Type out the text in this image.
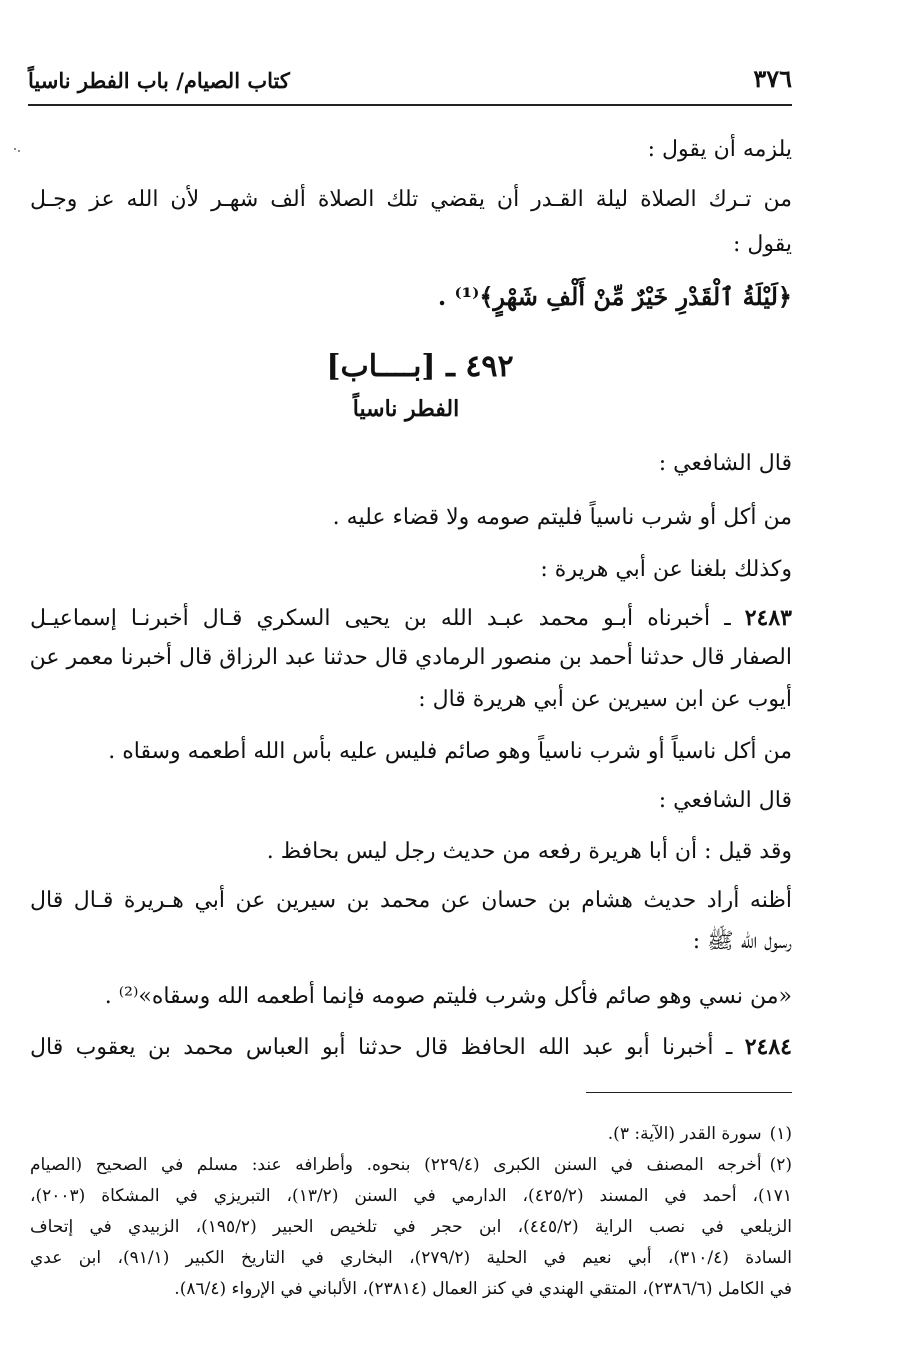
كتاب الصيام/ باب الفطر ناسياً	٣٧٦
يلزمه أن يقول :
من تـرك الصلاة ليلة القـدر أن يقضي تلك الصلاة ألف شهـر لأن الله عز وجـل
يقول :
﴿لَيْلَةُ ٱلْقَدْرِ خَيْرٌ مِّنْ أَلْفِ شَهْرٍ﴾⁽¹⁾ .
٤٩٢ ـ [بــــاب]
الفطر ناسياً
قال الشافعي :
من أكل أو شرب ناسياً فليتم صومه ولا قضاء عليه .
وكذلك بلغنا عن أبي هريرة :
٢٤٨٣ ـ أخبرناه أبـو محمد عبـد الله بن يحيى السكري قـال أخبرنـا إسماعيـل
الصفار قال حدثنا أحمد بن منصور الرمادي قال حدثنا عبد الرزاق قال أخبرنا معمر عن
أيوب عن ابن سيرين عن أبي هريرة قال :
من أكل ناسياً أو شرب ناسياً وهو صائم فليس عليه بأس الله أطعمه وسقاه .
قال الشافعي :
وقد قيل : أن أبا هريرة رفعه من حديث رجل ليس بحافظ .
أظنه أراد حديث هشام بن حسان عن محمد بن سيرين عن أبي هـريرة قـال قال
رسول الله ﷺ :
«من نسي وهو صائم فأكل وشرب فليتم صومه فإنما أطعمه الله وسقاه»⁽²⁾ .
٢٤٨٤ ـ أخبرنا أبو عبد الله الحافظ قال حدثنا أبو العباس محمد بن يعقوب قال
(١)سورة القدر (الآية: ٣).
(٢)أخرجه المصنف في السنن الكبرى (٢٢٩/٤) بنحوه. وأطرافه عند: مسلم في الصحيح (الصيام
١٧١)، أحمد في المسند (٤٢٥/٢)، الدارمي في السنن (١٣/٢)، التبريزي في المشكاة (٢٠٠٣)،
الزيلعي في نصب الراية (٤٤٥/٢)، ابن حجر في تلخيص الحبير (١٩٥/٢)، الزبيدي في إتحاف
السادة (٣١٠/٤)، أبي نعيم في الحلية (٢٧٩/٢)، البخاري في التاريخ الكبير (٩١/١)، ابن عدي
في الكامل (٢٣٨٦/٦)، المتقي الهندي في كنز العمال (٢٣٨١٤)، الألباني في الإرواء (٨٦/٤).
